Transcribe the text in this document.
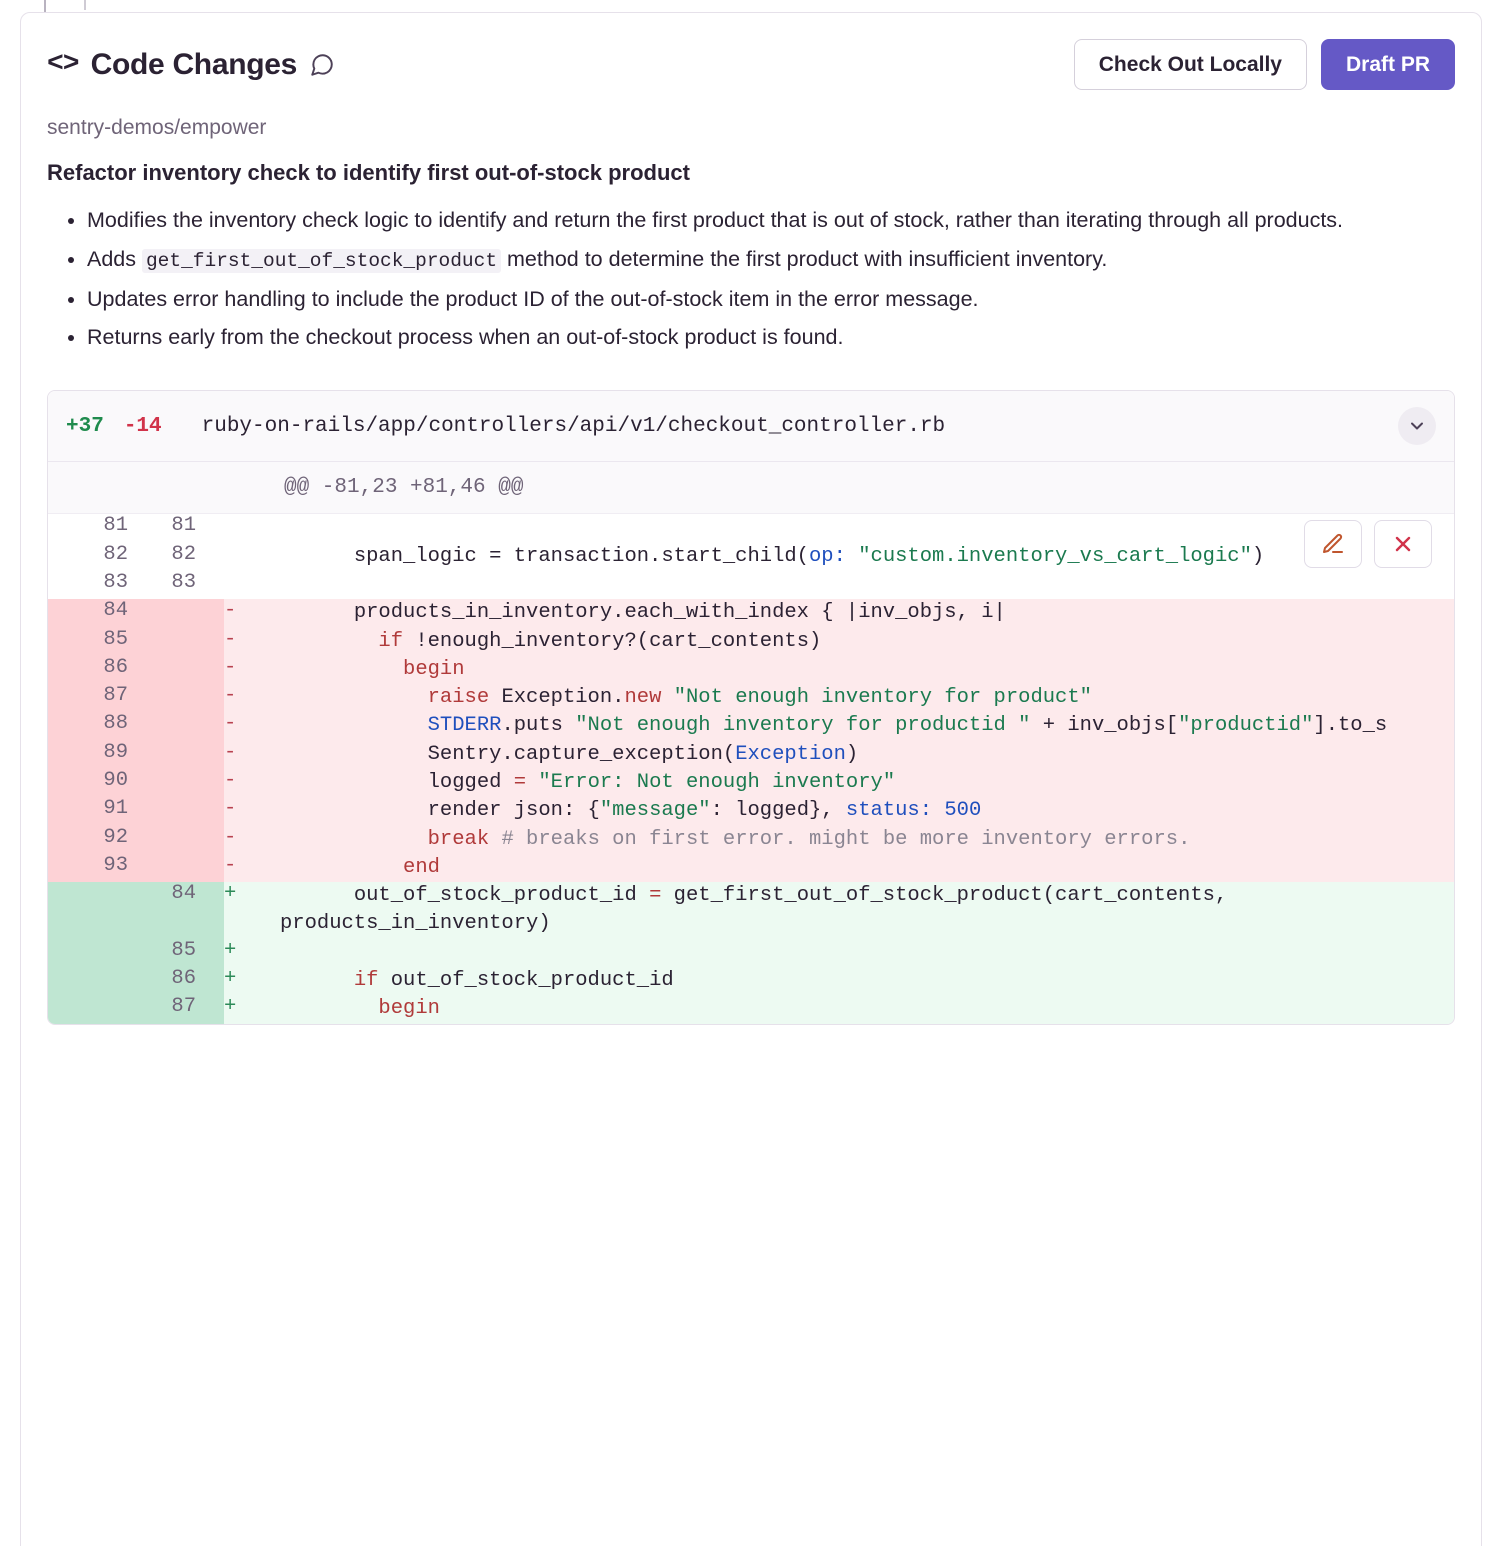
<> Code Changes	Check Out Locally	Draft PR
sentry-demos/empower
Refactor inventory check to identify first out-of-stock product
• Modifies the inventory check logic to identify and return the first product that is out of stock, rather than iterating through all products.
• Adds get_first_out_of_stock_product method to determine the first product with insufficient inventory.
• Updates error handling to include the product ID of the out-of-stock item in the error message.
• Returns early from the checkout process when an out-of-stock product is found.
+37 -14 ruby-on-rails/app/controllers/api/v1/checkout_controller.rb
@@ -81,23 +81,46 @@
81	81		
82	82		span_logic = transaction.start_child(op: "custom.inventory_vs_cart_logic")
83	83		
84		-	products_in_inventory.each_with_index { |inv_objs, i|
85		-	if !enough_inventory?(cart_contents)
86		-	begin
87		-	raise Exception.new "Not enough inventory for product"
88		-	STDERR.puts "Not enough inventory for productid " + inv_objs["productid"].to_s
89		-	Sentry.capture_exception(Exception)
90		-	logged = "Error: Not enough inventory"
91		-	render json: {"message": logged}, status: 500
92		-	break # breaks on first error. might be more inventory errors.
93		-	end
	84	+	out_of_stock_product_id = get_first_out_of_stock_product(cart_contents, products_in_inventory)
	85	+	
	86	+	if out_of_stock_product_id
	87	+	begin
